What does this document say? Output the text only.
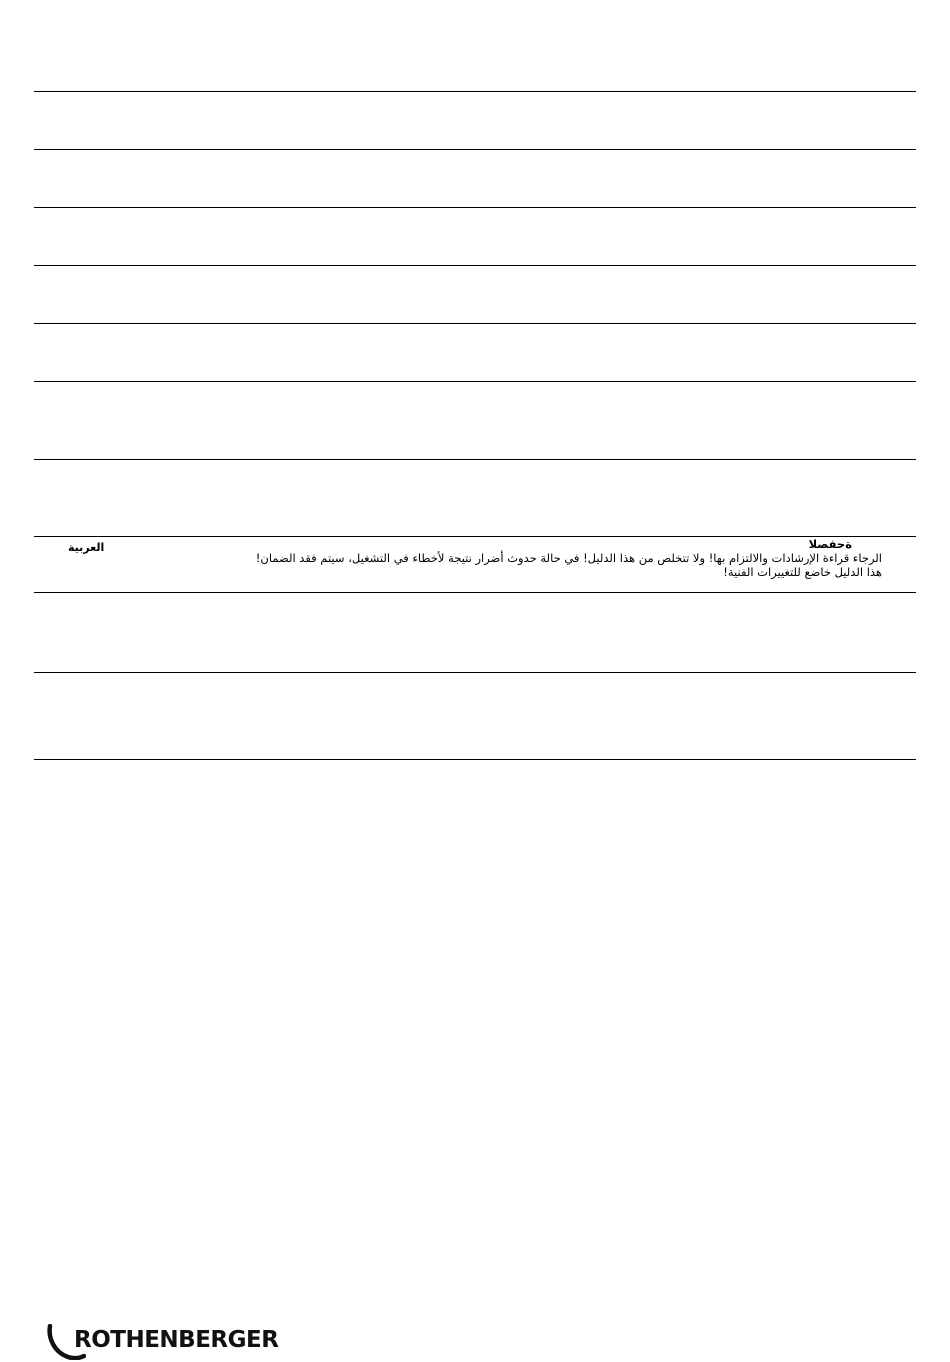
العربية	ةحفصلا
الرجاء قراءة الإرشادات والالتزام بها! ولا تتخلص من هذا الدليل! في حالة حدوث أضرار نتيجة لأخطاء في التشغيل، سيتم فقد الضمان!
هذا الدليل خاضع للتغييرات الفنية!
ROTHENBERGER
